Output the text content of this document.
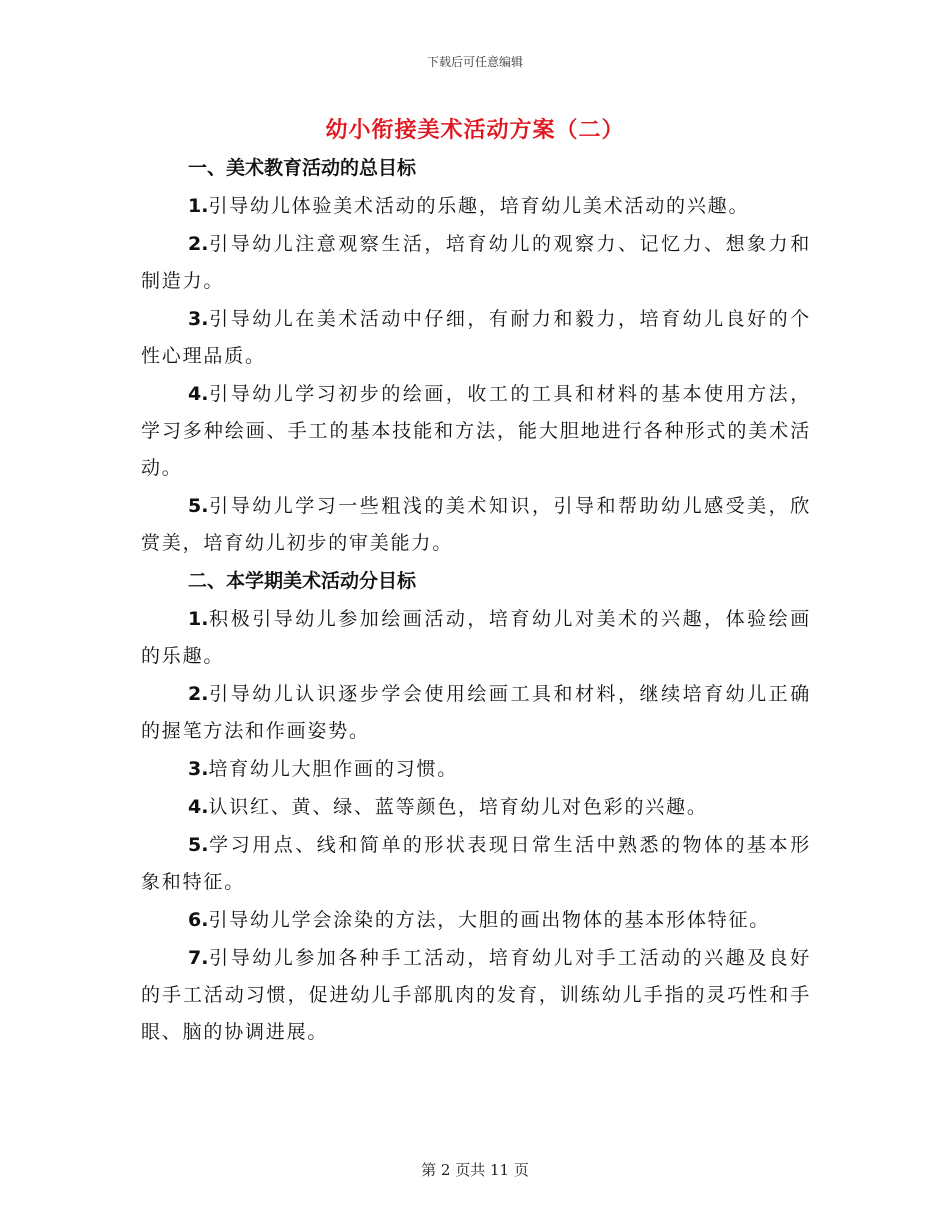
下载后可任意编辑
幼小衔接美术活动方案（二）
一、美术教育活动的总目标
1.引导幼儿体验美术活动的乐趣，培育幼儿美术活动的兴趣。
2.引导幼儿注意观察生活，培育幼儿的观察力、记忆力、想象力和制造力。
3.引导幼儿在美术活动中仔细，有耐力和毅力，培育幼儿良好的个性心理品质。
4.引导幼儿学习初步的绘画，收工的工具和材料的基本使用方法，学习多种绘画、手工的基本技能和方法，能大胆地进行各种形式的美术活动。
5.引导幼儿学习一些粗浅的美术知识，引导和帮助幼儿感受美，欣赏美，培育幼儿初步的审美能力。
二、本学期美术活动分目标
1.积极引导幼儿参加绘画活动，培育幼儿对美术的兴趣，体验绘画的乐趣。
2.引导幼儿认识逐步学会使用绘画工具和材料，继续培育幼儿正确的握笔方法和作画姿势。
3.培育幼儿大胆作画的习惯。
4.认识红、黄、绿、蓝等颜色，培育幼儿对色彩的兴趣。
5.学习用点、线和简单的形状表现日常生活中熟悉的物体的基本形象和特征。
6.引导幼儿学会涂染的方法，大胆的画出物体的基本形体特征。
7.引导幼儿参加各种手工活动，培育幼儿对手工活动的兴趣及良好的手工活动习惯，促进幼儿手部肌肉的发育，训练幼儿手指的灵巧性和手眼、脑的协调进展。
第 2 页共 11 页
